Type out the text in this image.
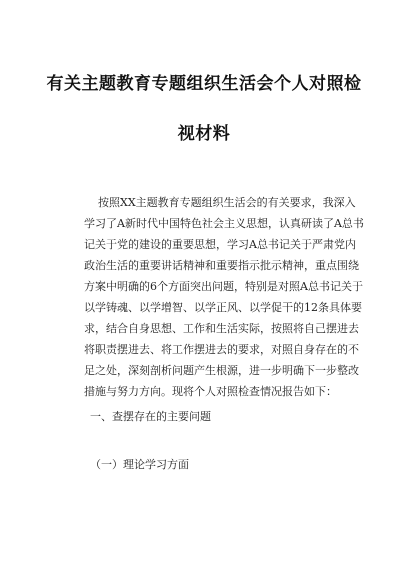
有关主题教育专题组织生活会个人对照检
视材料
按照XX主题教育专题组织生活会的有关要求，我深入
学习了A新时代中国特色社会主义思想，认真研读了A总书
记关于党的建设的重要思想，学习A总书记关于严肃党内
政治生活的重要讲话精神和重要指示批示精神，重点围绕
方案中明确的6个方面突出问题，特别是对照A总书记关于
以学铸魂、以学增智、以学正风、以学促干的12条具体要
求，结合自身思想、工作和生活实际，按照将自己摆进去
将职责摆进去、将工作摆进去的要求，对照自身存在的不
足之处，深刻剖析问题产生根源，进一步明确下一步整改
措施与努力方向。现将个人对照检查情况报告如下：
一、查摆存在的主要问题
（一）理论学习方面
